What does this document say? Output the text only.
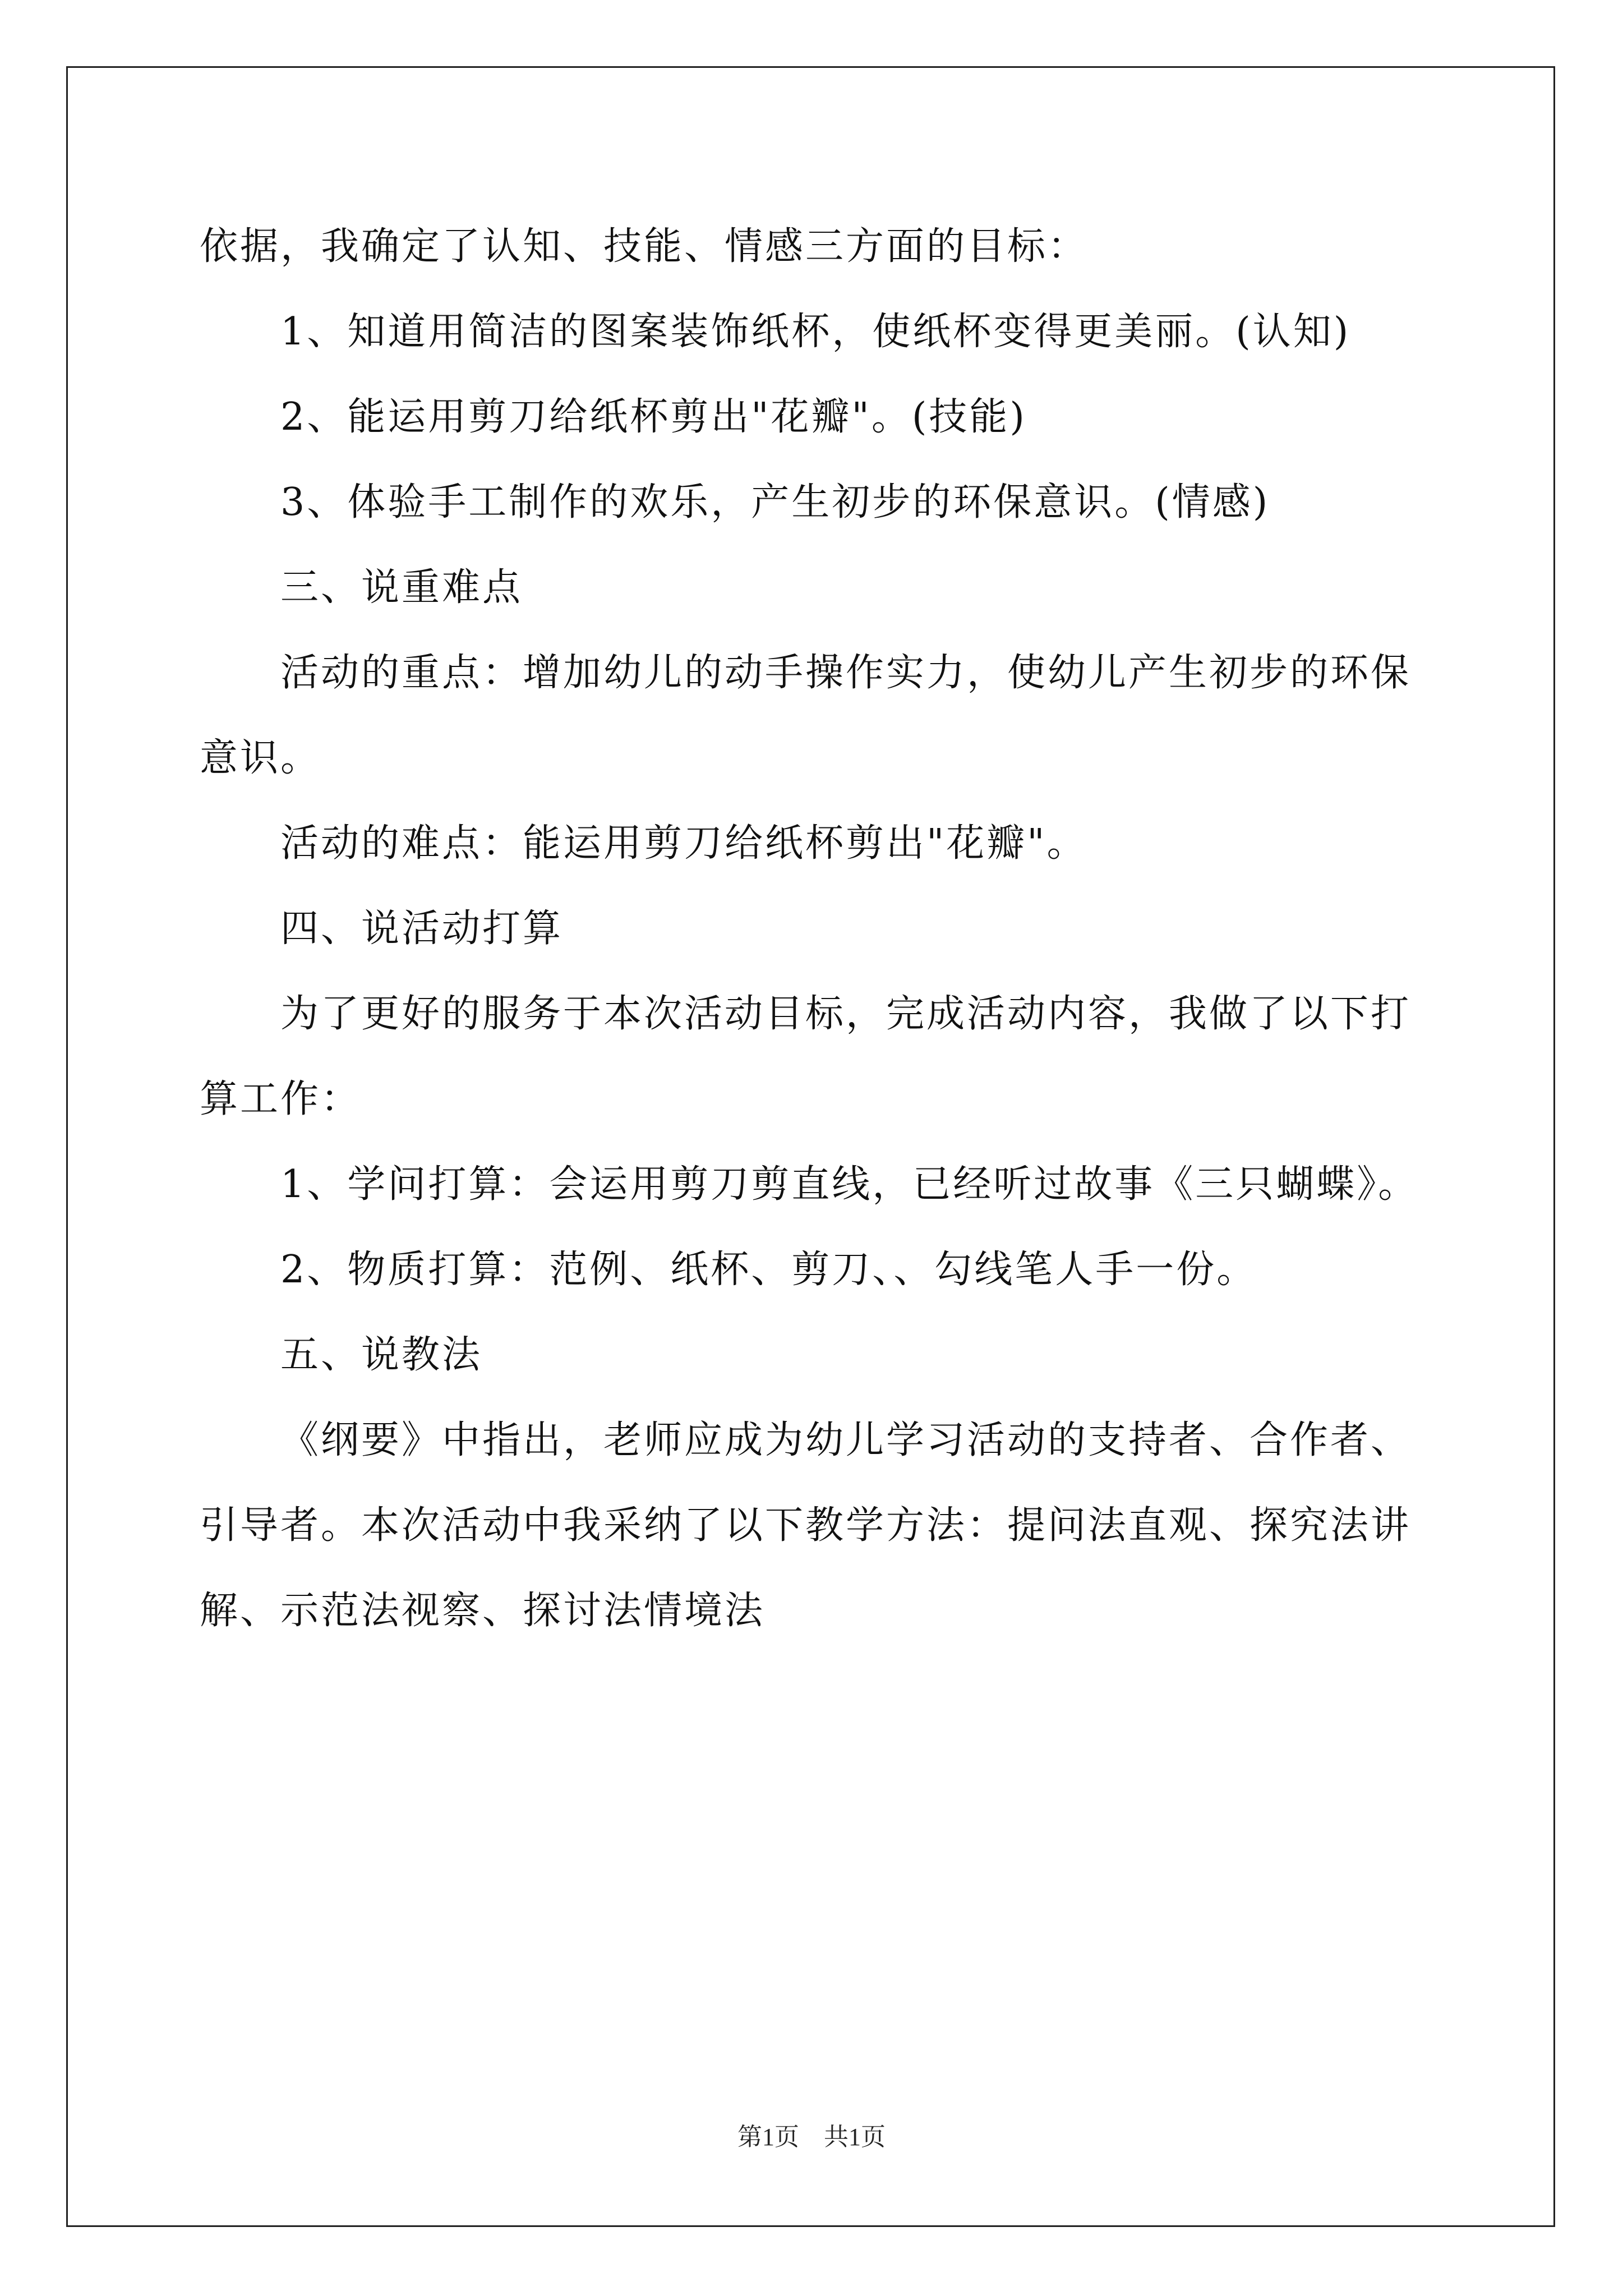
依据，我确定了认知、技能、情感三方面的目标：
1、知道用简洁的图案装饰纸杯，使纸杯变得更美丽。(认知)
2、能运用剪刀给纸杯剪出"花瓣"。(技能)
3、体验手工制作的欢乐，产生初步的环保意识。(情感)
三、说重难点
活动的重点：增加幼儿的动手操作实力，使幼儿产生初步的环保
意识。
活动的难点：能运用剪刀给纸杯剪出"花瓣"。
四、说活动打算
为了更好的服务于本次活动目标，完成活动内容，我做了以下打
算工作：
1、学问打算：会运用剪刀剪直线，已经听过故事《三只蝴蝶》。
2、物质打算：范例、纸杯、剪刀、、勾线笔人手一份。
五、说教法
《纲要》中指出，老师应成为幼儿学习活动的支持者、合作者、
引导者。本次活动中我采纳了以下教学方法：提问法直观、探究法讲
解、示范法视察、探讨法情境法
第1页　共1页
